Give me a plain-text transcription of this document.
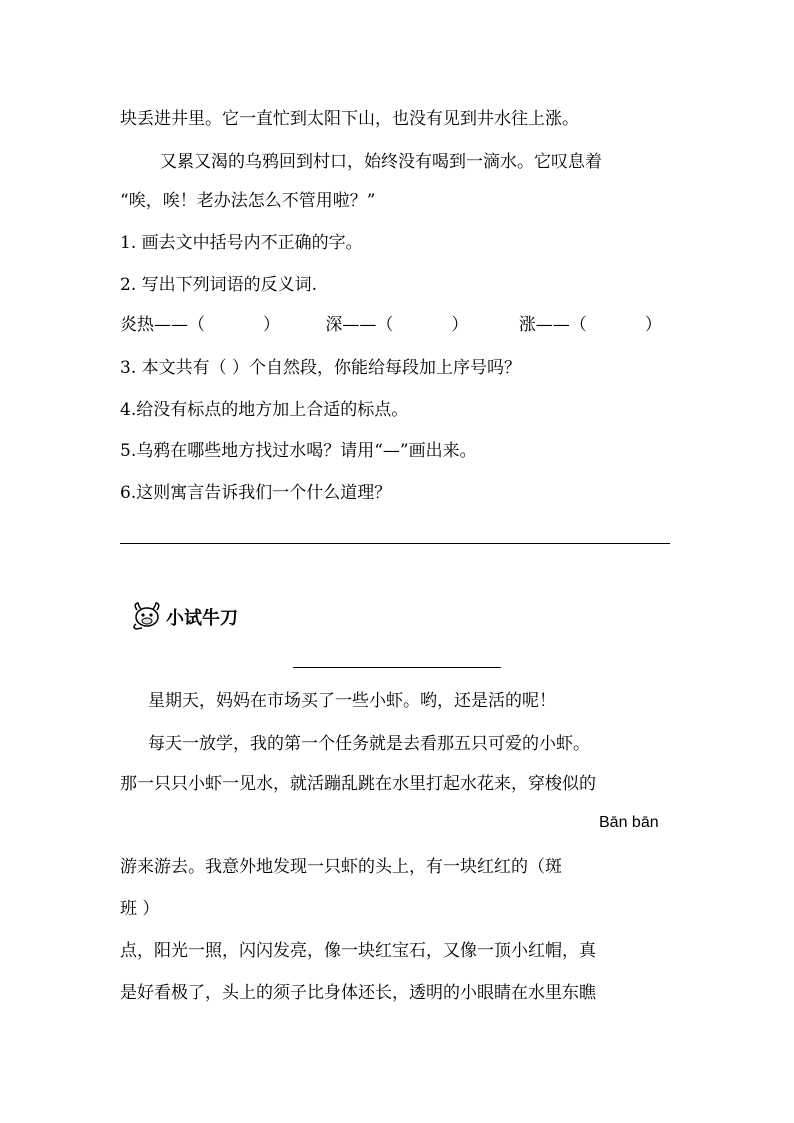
块丢进井里。它一直忙到太阳下山，也没有见到井水往上涨。
又累又渴的乌鸦回到村口，始终没有喝到一滴水。它叹息着
“唉，唉！老办法怎么不管用啦？”
1. 画去文中括号内不正确的字。
2. 写出下列词语的反义词.
炎热——（	）	深——（	）	涨——（	）
3. 本文共有（ ）个自然段，你能给每段加上序号吗？
4.给没有标点的地方加上合适的标点。
5.乌鸦在哪些地方找过水喝？请用“—”画出来。
6.这则寓言告诉我们一个什么道理？
小试牛刀
星期天，妈妈在市场买了一些小虾。哟，还是活的呢！
每天一放学，我的第一个任务就是去看那五只可爱的小虾。
那一只只小虾一见水，就活蹦乱跳在水里打起水花来，穿梭似的
Bān bān
游来游去。我意外地发现一只虾的头上，有一块红红的（斑
班 ）
点，阳光一照，闪闪发亮，像一块红宝石，又像一顶小红帽，真
是好看极了，头上的须子比身体还长，透明的小眼睛在水里东瞧
